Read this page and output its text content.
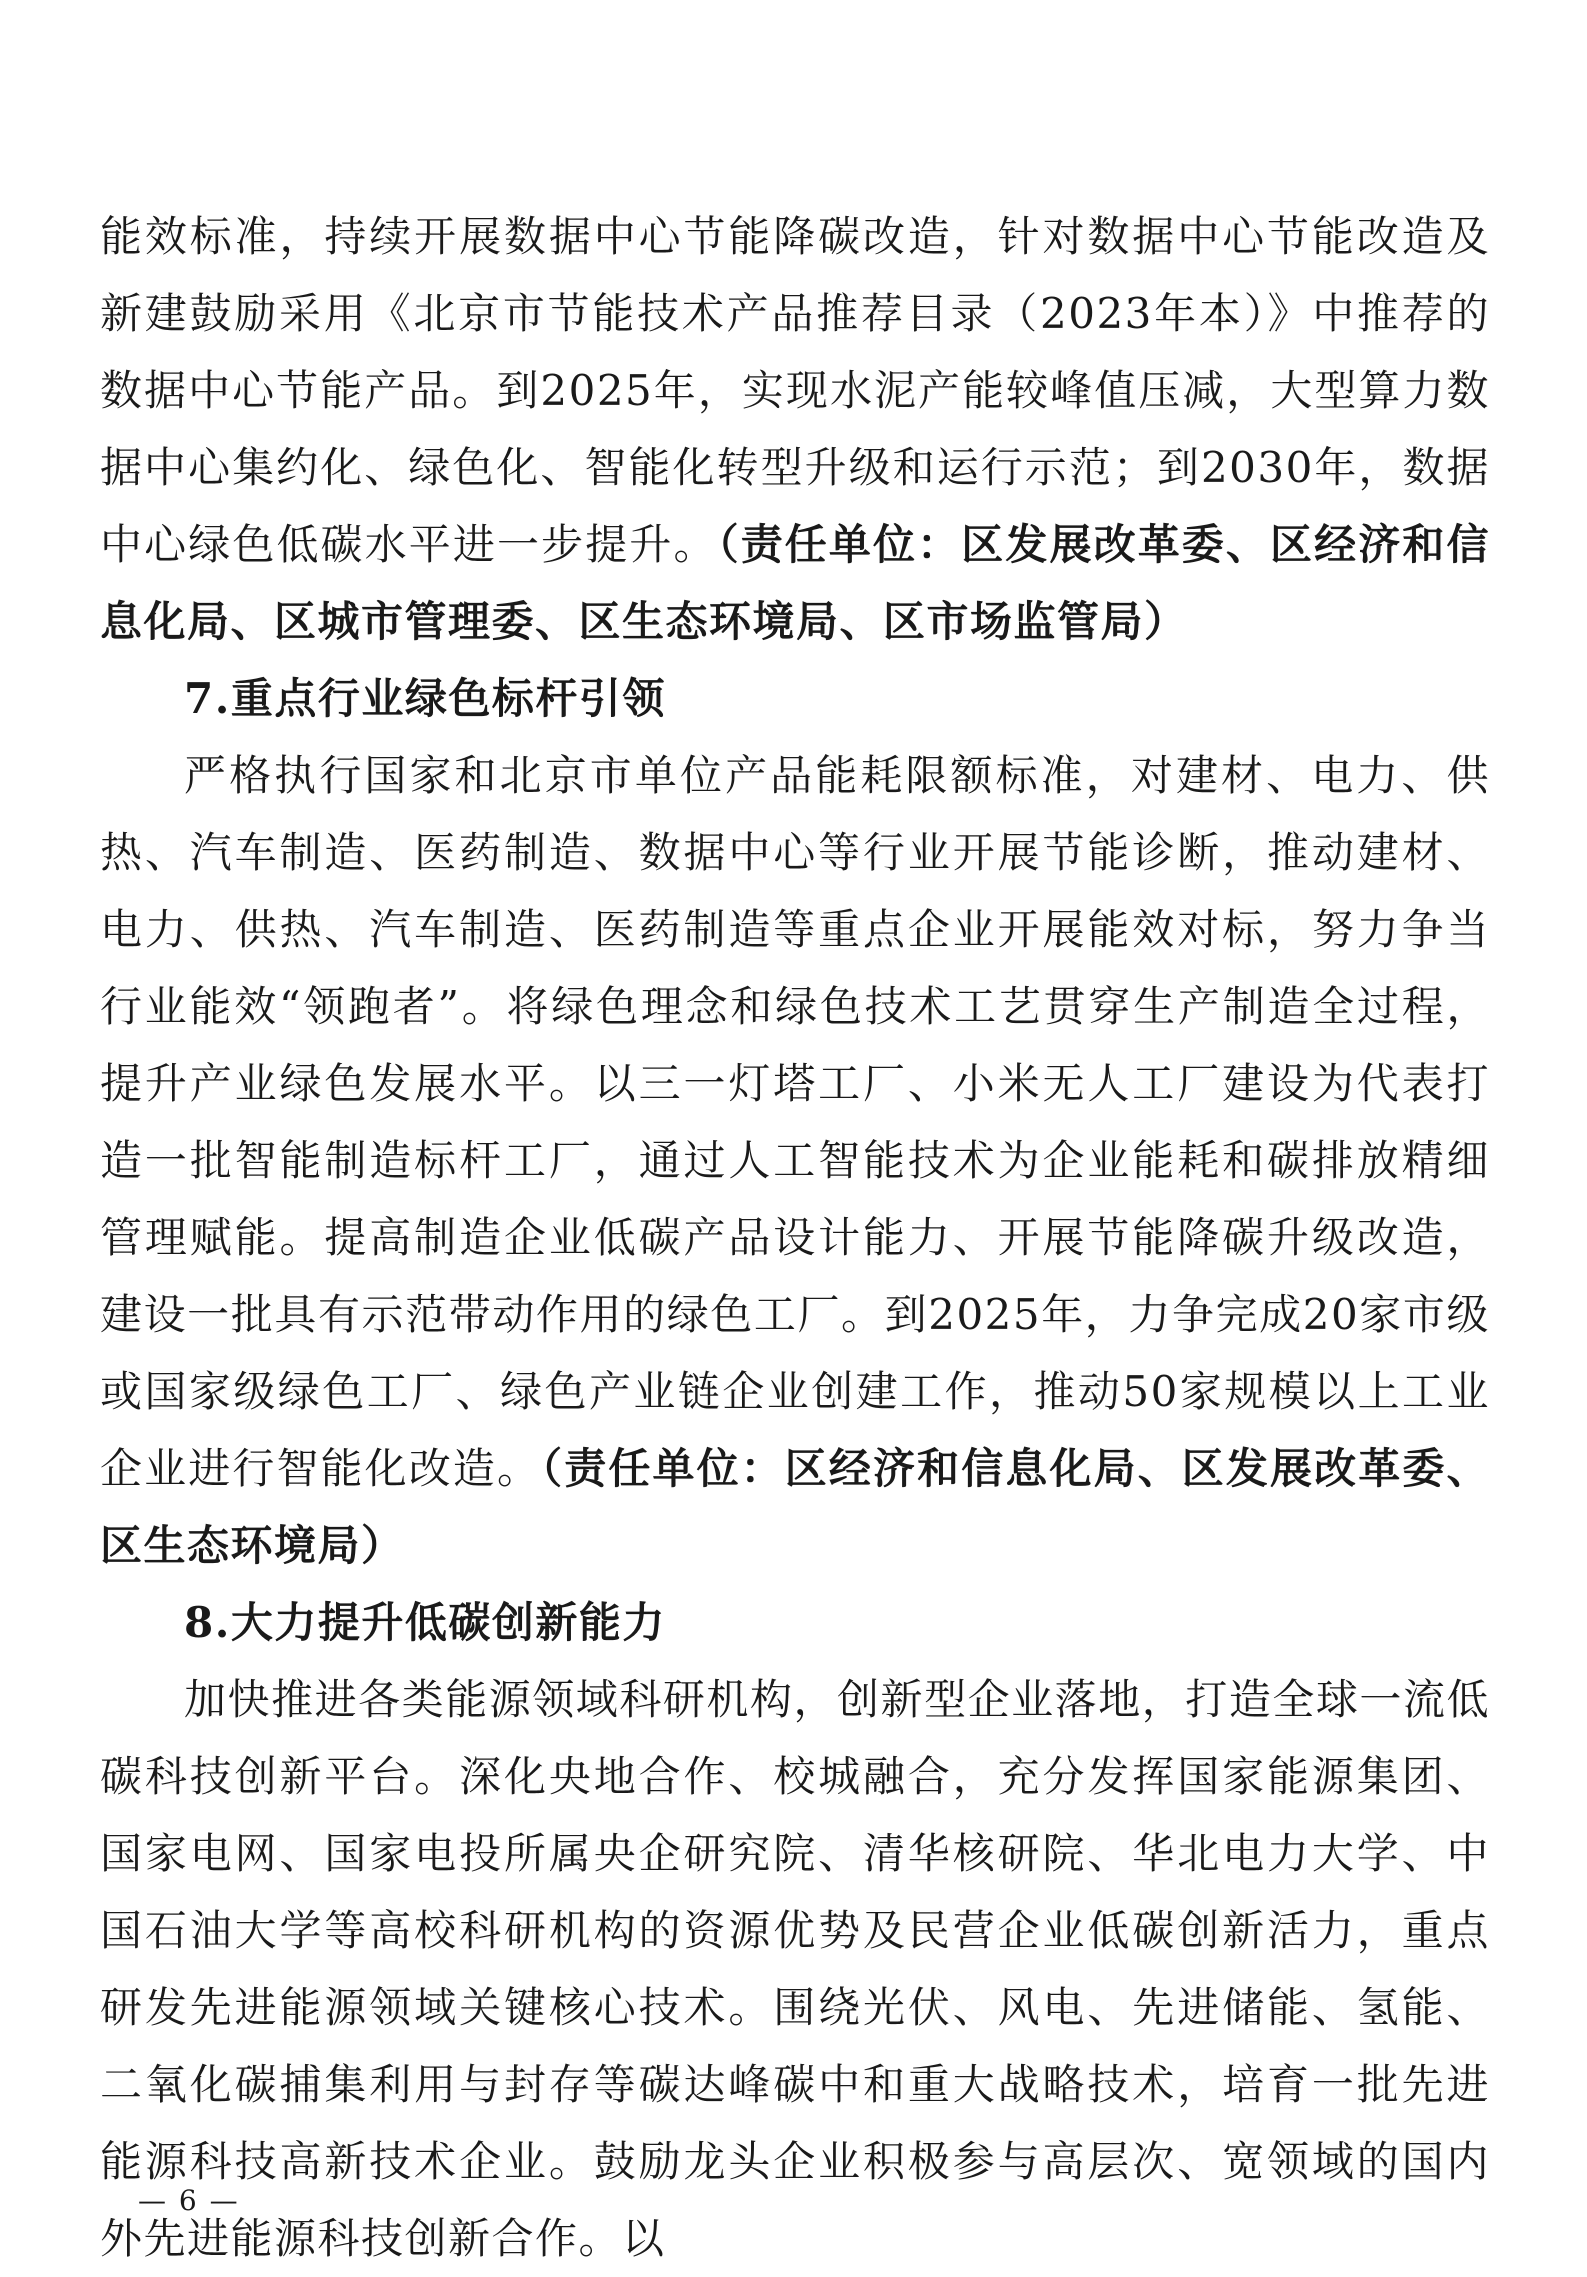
能效标准，持续开展数据中心节能降碳改造，针对数据中心节能改造及新建鼓励采用《北京市节能技术产品推荐目录（2023年本）》中推荐的数据中心节能产品。到2025年，实现水泥产能较峰值压减，大型算力数据中心集约化、绿色化、智能化转型升级和运行示范；到2030年，数据中心绿色低碳水平进一步提升。（责任单位：区发展改革委、区经济和信息化局、区城市管理委、区生态环境局、区市场监管局）

7.重点行业绿色标杆引领

严格执行国家和北京市单位产品能耗限额标准，对建材、电力、供热、汽车制造、医药制造、数据中心等行业开展节能诊断，推动建材、电力、供热、汽车制造、医药制造等重点企业开展能效对标，努力争当行业能效“领跑者”。将绿色理念和绿色技术工艺贯穿生产制造全过程，提升产业绿色发展水平。以三一灯塔工厂、小米无人工厂建设为代表打造一批智能制造标杆工厂，通过人工智能技术为企业能耗和碳排放精细管理赋能。提高制造企业低碳产品设计能力、开展节能降碳升级改造，建设一批具有示范带动作用的绿色工厂。到2025年，力争完成20家市级或国家级绿色工厂、绿色产业链企业创建工作，推动50家规模以上工业企业进行智能化改造。（责任单位：区经济和信息化局、区发展改革委、区生态环境局）

8.大力提升低碳创新能力

加快推进各类能源领域科研机构，创新型企业落地，打造全球一流低碳科技创新平台。深化央地合作、校城融合，充分发挥国家能源集团、国家电网、国家电投所属央企研究院、清华核研院、华北电力大学、中国石油大学等高校科研机构的资源优势及民营企业低碳创新活力，重点研发先进能源领域关键核心技术。围绕光伏、风电、先进储能、氢能、二氧化碳捕集利用与封存等碳达峰碳中和重大战略技术，培育一批先进能源科技高新技术企业。鼓励龙头企业积极参与高层次、宽领域的国内外先进能源科技创新合作。以

— 6 —
